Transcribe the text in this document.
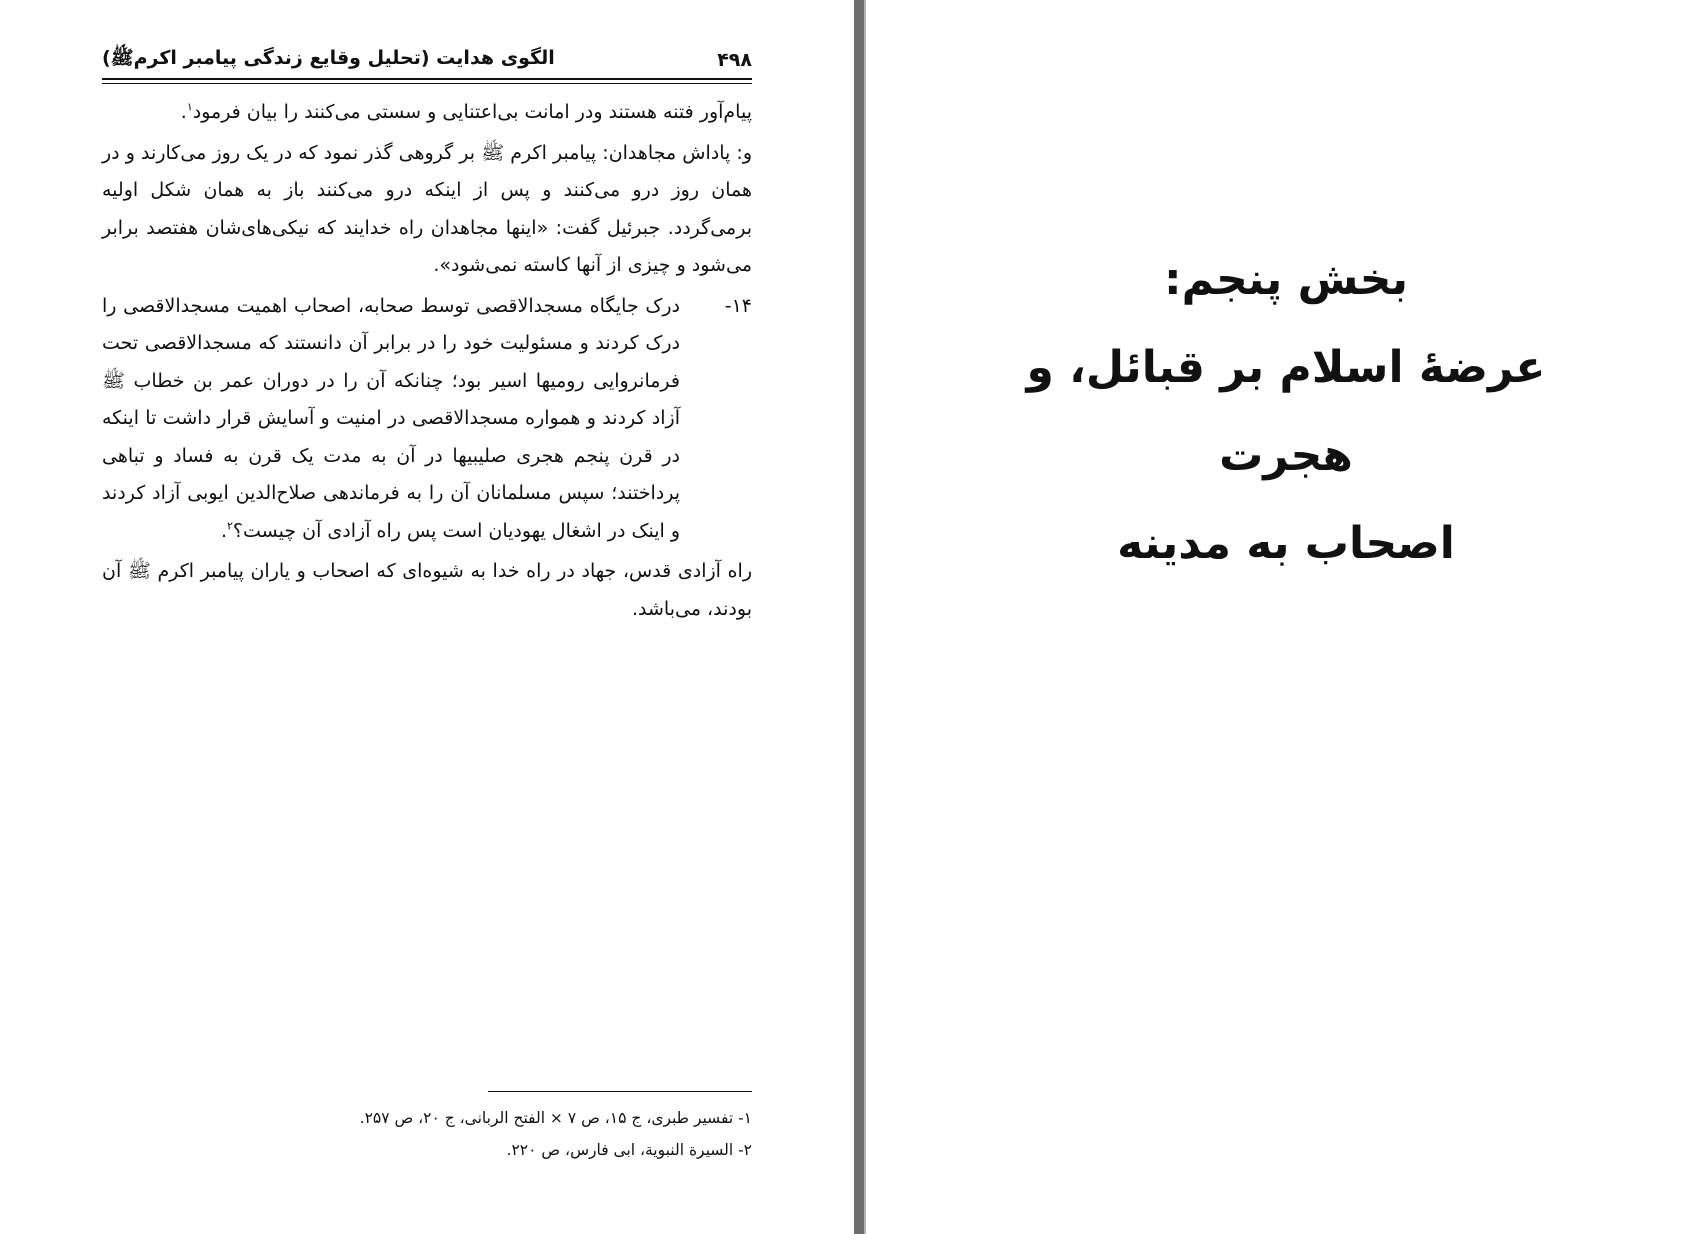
۴۹۸
الگوی هدایت (تحلیل وقایع زندگی پیامبر اکرمﷺ)

پیام‌آور فتنه هستند ودر امانت بی‌اعتنایی و سستی می‌کنند را بیان فرمود$^۱$.

و: پاداش مجاهدان: پیامبر اکرم ﷺ بر گروهی گذر نمود که در یک روز می‌کارند و در همان روز درو می‌کنند و پس از اینکه درو می‌کنند باز به همان شکل اولیه برمی‌گردد. جبرئیل گفت: «اینها مجاهدان راه خدایند که نیکی‌های‌شان هفتصد برابر می‌شود و چیزی از آنها کاسته نمی‌شود».

۱۴-
درک جایگاه مسجدالاقصی توسط صحابه، اصحاب اهمیت مسجدالاقصی را درک کردند و مسئولیت خود را در برابر آن دانستند که مسجدالاقصی تحت فرمانروایی رومیها اسیر بود؛ چنانکه آن را در دوران عمر بن خطاب ﷺ آزاد کردند و همواره مسجدالاقصی در امنیت و آسایش قرار داشت تا اینکه در قرن پنجم هجری صلیبیها در آن به مدت یک قرن به فساد و تباهی پرداختند؛ سپس مسلمانان آن را به فرماندهی صلاح‌الدین ایوبی آزاد کردند و اینک در اشغال یهودیان است پس راه آزادی آن چیست؟$^۲$.

راه آزادی قدس، جهاد در راه خدا به شیوه‌ای که اصحاب و یاران پیامبر اکرم ﷺ آن بودند، می‌باشد.

۱- تفسیر طبری، ج ۱۵، ص ۷ × الفتح الربانی، ج ۲۰، ص ۲۵۷.
۲- السیرة النبویة، ابی فارس، ص ۲۲۰.
بخش پنجم:
عرضۀ اسلام بر قبائل، و هجرت
اصحاب به مدینه
